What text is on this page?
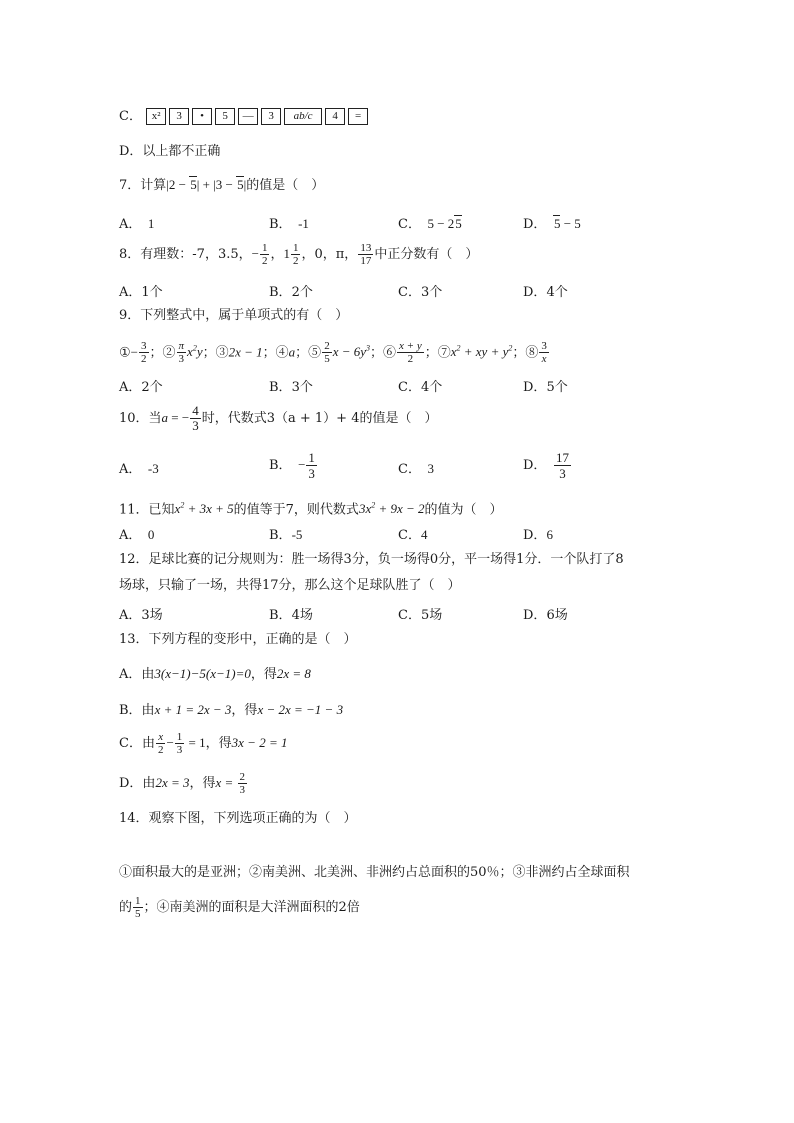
C． x² 3 • 5 — 3 ab/c 4 =
D．以上都不正确
7．计算|2 − 5| + |3 − 5|的值是（　）
A．　1	B．　-1	C．　5 − 25	D．　 5 − 5
8．有理数：-7，3.5，− $\frac{1}{2}$ ，$1 \frac{1}{2}$ ，0，π， $\frac{13}{17}$ 中正分数有（　）
A．1个	B．2个	C．3个	D．4个
9．下列整式中，属于单项式的有（　）
①− $\frac{3}{2}$ ；② $\frac{\pi}{3} x^2y$；③2x − 1；④a；⑤ $\frac{2}{5}$ $x - 6y^3$；⑥ $\frac{x + y}{2}$ ；$⑦x^2$ + xy + $y^2$；⑧ $\frac{3}{x}$
A．2个	B．3个	C．4个	D．5个
10．当a = − $\frac{4}{3}$ 时，代数式3（a + 1）+ 4的值是（　）
A．　-3	B．　− $\frac{1}{3}$	C．　3	D．　 $\frac{17}{3}$
11．已知$x^2 + 3x + 5$的值等于7，则代数式$3x^2 + 9x - 2$的值为（　）
A．　 0	B．-5	C．4	D．6
12．足球比赛的记分规则为：胜一场得3分，负一场得0分，平一场得1分．一个队打了8
场球，只输了一场，共得17分，那么这个足球队胜了（　）
A．3场	B．4场	C．5场	D．6场
13．下列方程的变形中，正确的是（　）
A．由3(x−1)−5(x−1)=0，得2x = 8
B．由x + 1 = 2x − 3，得x − 2x = −1 − 3
C．由 $\frac{x}{2} - \frac{1}{3} = 1$，得3x − 2 = 1
D．由2x = 3，得$x = \frac{2}{3}$
14．观察下图，下列选项正确的为（　）
①面积最大的是亚洲；②南美洲、北美洲、非洲约占总面积的50％；③非洲约占全球面积
的 $\frac{1}{5}$ ；④南美洲的面积是大洋洲面积的2倍
